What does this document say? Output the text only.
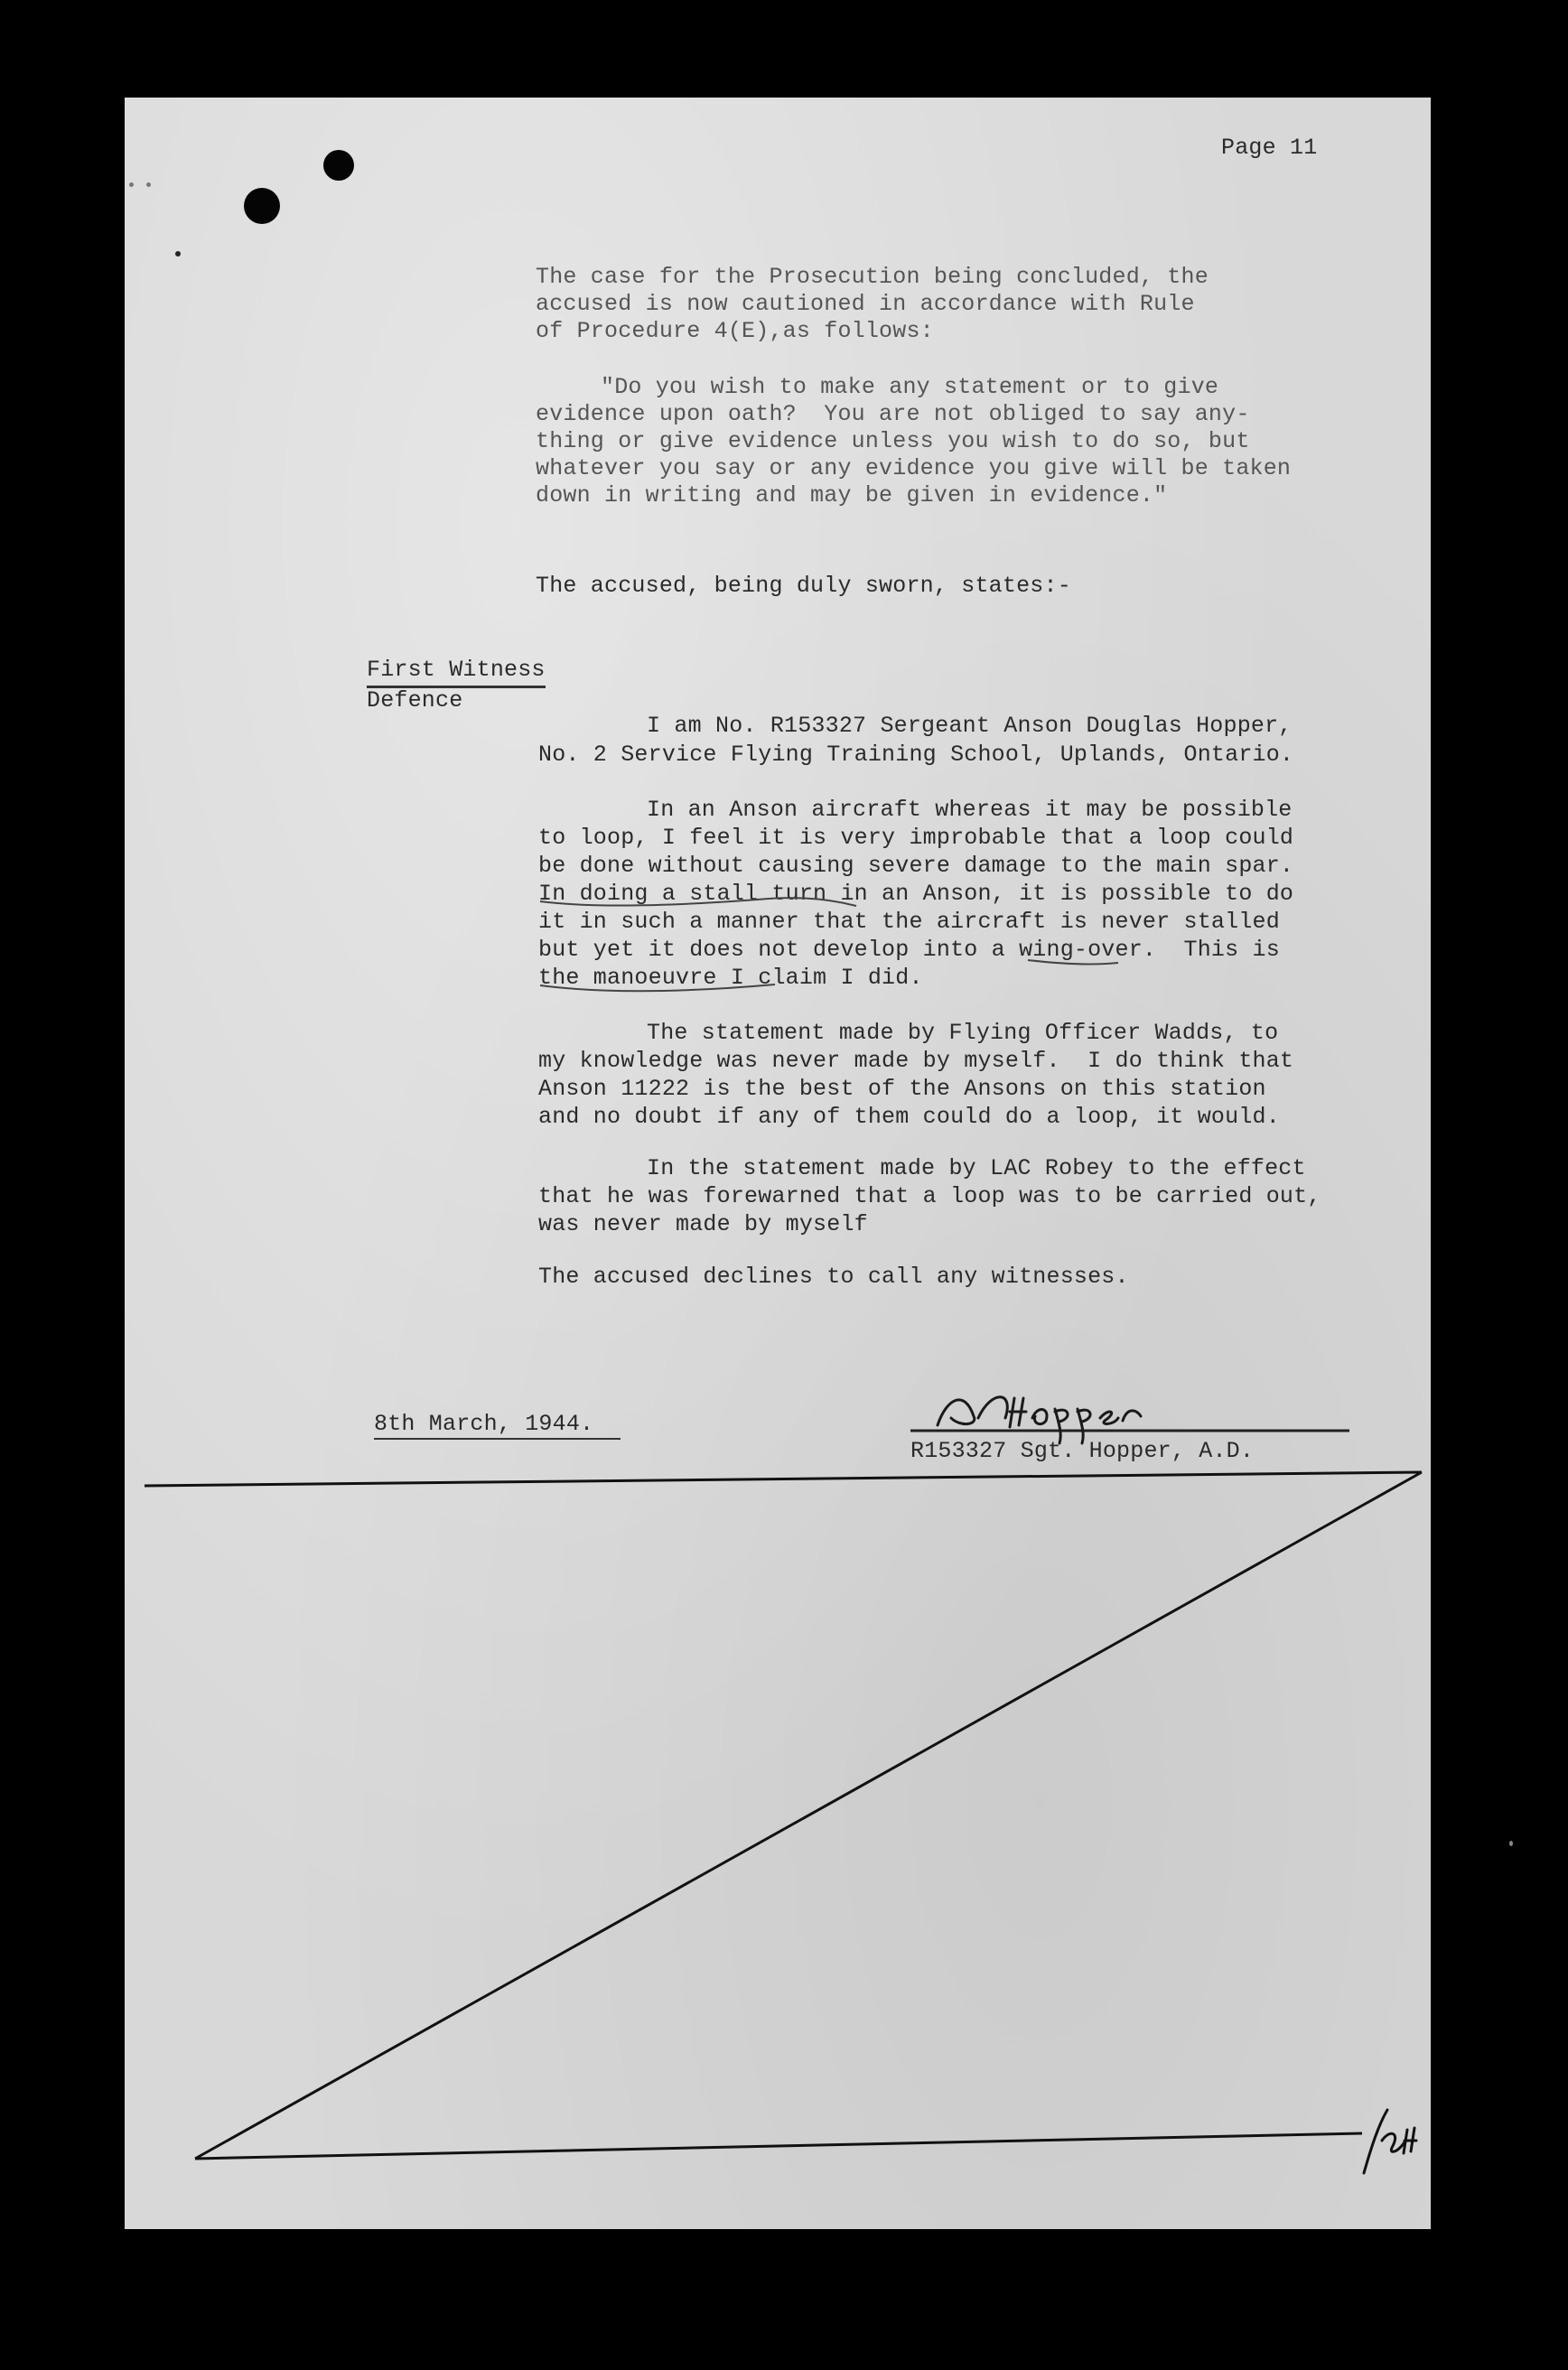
Page 11
The case for the Prosecution being concluded, the
accused is now cautioned in accordance with Rule
of Procedure 4(E),as follows:
"Do you wish to make any statement or to give
evidence upon oath?  You are not obliged to say any-
thing or give evidence unless you wish to do so, but
whatever you say or any evidence you give will be taken
down in writing and may be given in evidence."
The accused, being duly sworn, states:-
First Witness
Defence
I am No. R153327 Sergeant Anson Douglas Hopper,
No. 2 Service Flying Training School, Uplands, Ontario.
In an Anson aircraft whereas it may be possible
to loop, I feel it is very improbable that a loop could
be done without causing severe damage to the main spar.
In doing a stall turn in an Anson, it is possible to do
it in such a manner that the aircraft is never stalled
but yet it does not develop into a wing-over.  This is
the manoeuvre I claim I did.
The statement made by Flying Officer Wadds, to
my knowledge was never made by myself.  I do think that
Anson 11222 is the best of the Ansons on this station
and no doubt if any of them could do a loop, it would.
In the statement made by LAC Robey to the effect
that he was forewarned that a loop was to be carried out,
was never made by myself
The accused declines to call any witnesses.
8th March, 1944.
R153327 Sgt. Hopper, A.D.
